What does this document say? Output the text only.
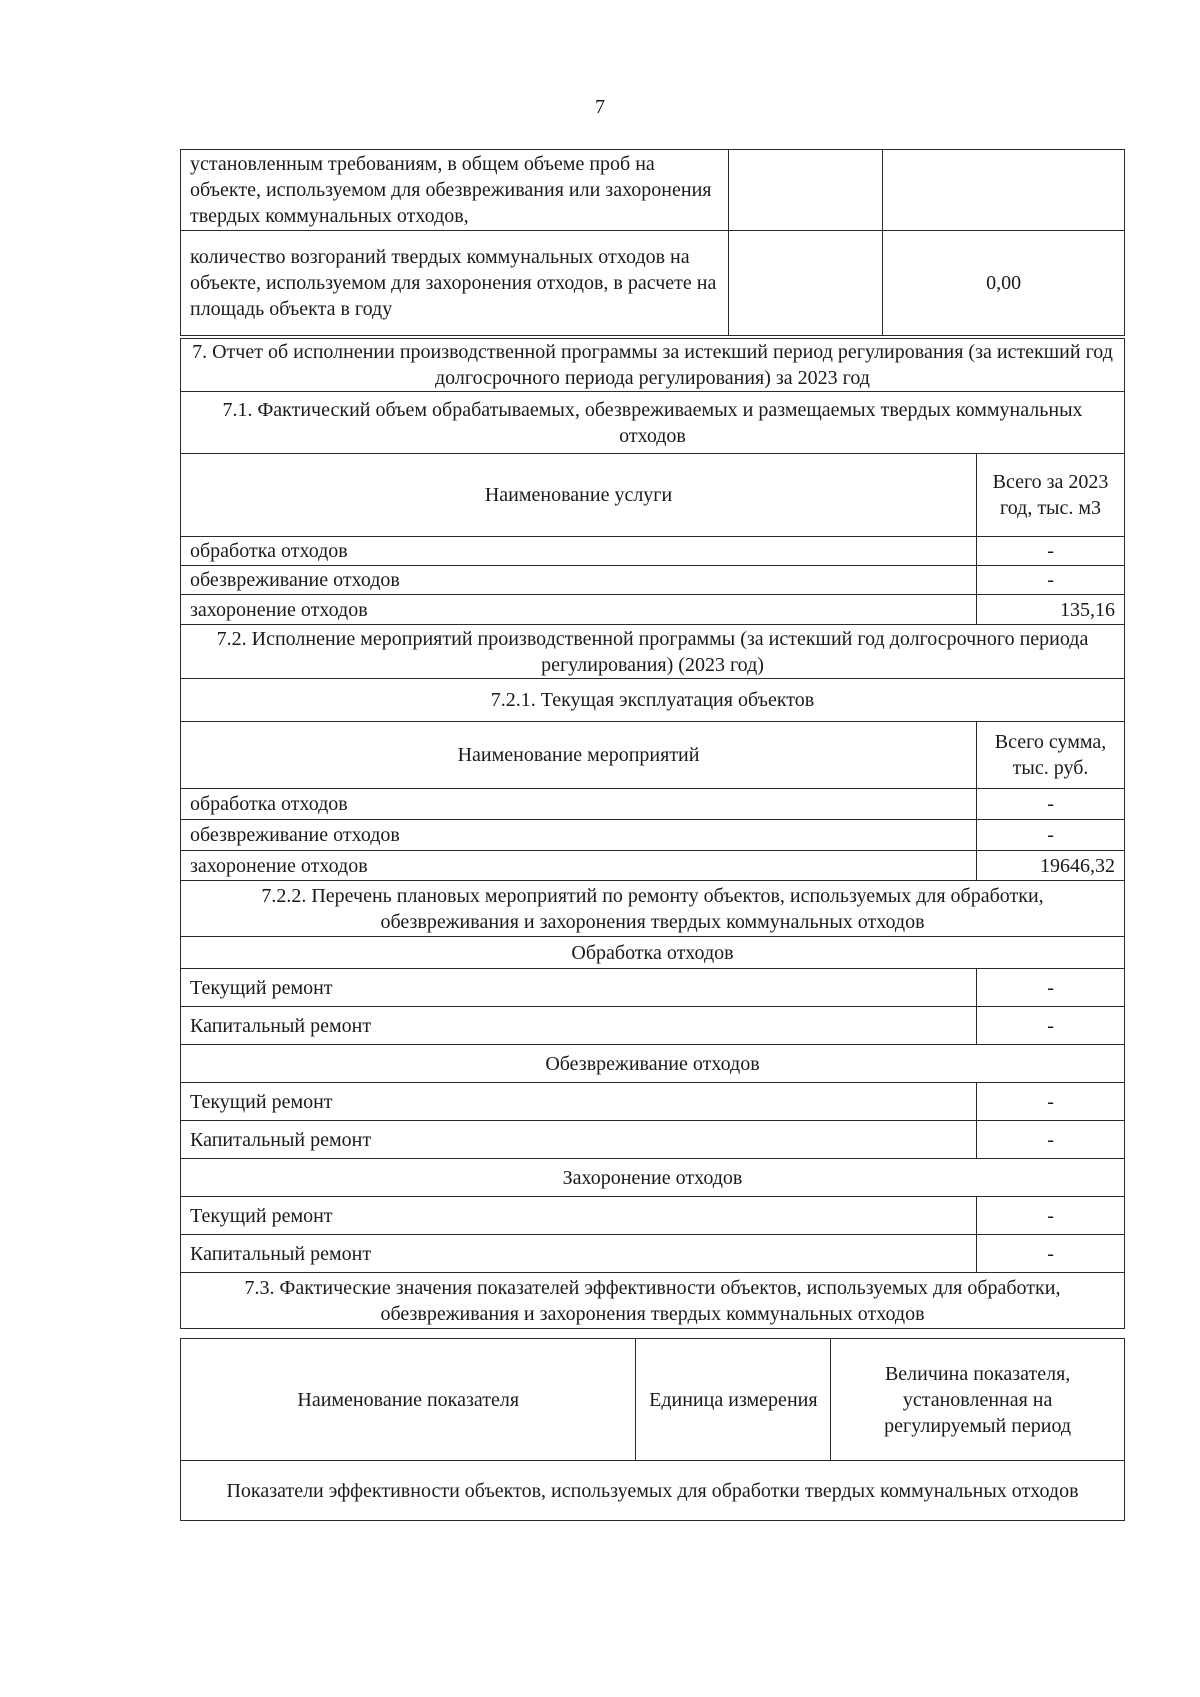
7
установленным требованиям, в общем объеме проб на объекте, используемом для обезвреживания или захоронения твердых коммунальных отходов,		
количество возгораний твердых коммунальных отходов на объекте, используемом для захоронения отходов, в расчете на площадь объекта в году		0,00
7. Отчет об исполнении производственной программы за истекший период регулирования (за истекший год долгосрочного периода регулирования) за 2023 год	
7.1. Фактический объем обрабатываемых, обезвреживаемых и размещаемых твердых коммунальных отходов	
Наименование услуги	Всего за 2023 год, тыс. м3
обработка отходов	-
обезвреживание отходов	-
захоронение отходов	135,16
7.2. Исполнение мероприятий производственной программы (за истекший год долгосрочного периода регулирования) (2023 год)	
7.2.1. Текущая эксплуатация объектов	
Наименование мероприятий	Всего сумма, тыс. руб.
обработка отходов	-
обезвреживание отходов	-
захоронение отходов	19646,32
7.2.2. Перечень плановых мероприятий по ремонту объектов, используемых для обработки, обезвреживания и захоронения твердых коммунальных отходов	
Обработка отходов	
Текущий ремонт	-
Капитальный ремонт	-
Обезвреживание отходов	
Текущий ремонт	-
Капитальный ремонт	-
Захоронение отходов	
Текущий ремонт	-
Капитальный ремонт	-
7.3. Фактические значения показателей эффективности объектов, используемых для обработки, обезвреживания и захоронения твердых коммунальных отходов	
Наименование показателя	Единица измерения	Величина показателя, установленная на регулируемый период
Показатели эффективности объектов, используемых для обработки твердых коммунальных отходов
